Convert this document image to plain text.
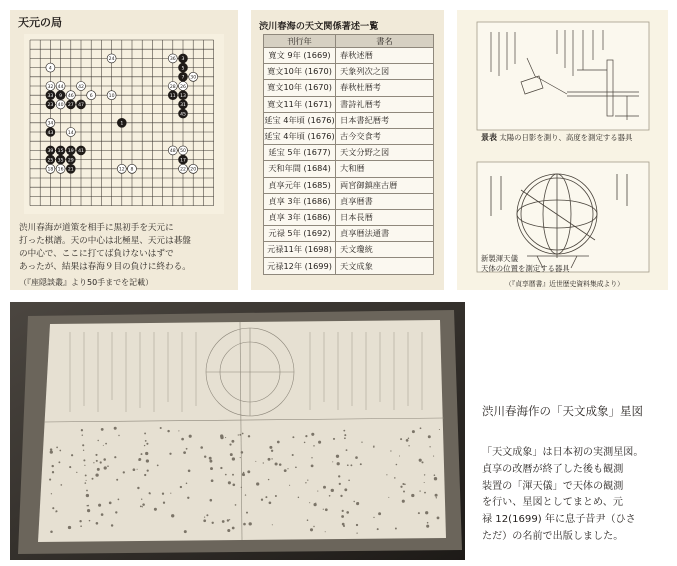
天元の局
1
3
4	5
6
7
9	10	11 13
15
17
19
21	22
23
24
25
26
27
28
29
30
31
32
33
34
35
36
39
40
41
42
43
44
45
46
47
48 50
18 16
14
20
12 8

渋川春海が道策を相手に黒初手を天元に

打った棋譜。天の中心は北極星、天元は碁盤

の中心で、ここに打てば負けないはずで

あったが、結果は春海９目の負けに終わる。

（『座隠談叢』より50手までを記載）
渋川春海の天文関係著述一覧
刊行年	書名
寛文 9年 (1669)	春秋述暦
寛文10年 (1670)	天象列次之図
寛文10年 (1670)	春秋杜暦考
寛文11年 (1671)	書詩礼暦考
延宝 4年頃 (1676)	日本書紀暦考
延宝 4年頃 (1676)	古今交食考
延宝 5年 (1677)	天文分野之図
天和年間 (1684)	大和暦
貞享元年 (1685)	両宮御鎮座古暦
貞享 3年 (1686)	貞享暦書
貞享 3年 (1686)	日本長暦
元禄 5年 (1692)	貞享暦法通書
元禄11年 (1698)	天文瓊統
元禄12年 (1699)	天文成象
景表 太陽の日影を測り、高度を測定する器具
新製渾天儀
天体の位置を測定する器具
（『貞享暦書』近世歴史資料集成より）
渋川春海作の「天文成象」星図

「天文成象」は日本初の実測星図。

貞享の改暦が終了した後も観測

装置の「渾天儀」で天体の観測

を行い、星図としてまとめ、元

禄 12(1699) 年に息子昔尹（ひさ

ただ）の名前で出版しました。
